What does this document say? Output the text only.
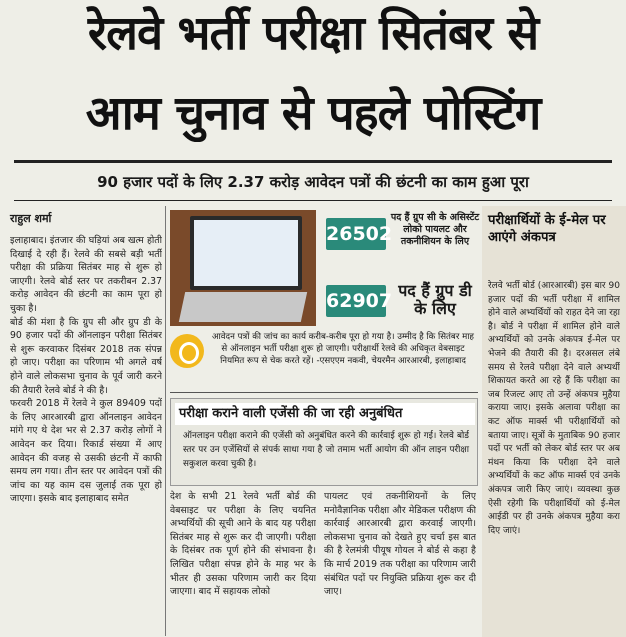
रेलवे भर्ती परीक्षा सितंबर से
आम चुनाव से पहले पोस्टिंग
90 हजार पदों के लिए 2.37 करोड़ आवेदन पत्रों की छंटनी का काम हुआ पूरा
राहुल शर्मा

इलाहाबाद। इंतजार की घड़ियां अब खत्म होती दिखाई दे रही हैं। रेलवे की सबसे बड़ी भर्ती परीक्षा की प्रक्रिया सितंबर माह से शुरू हो जाएगी। रेलवे बोर्ड स्तर पर तकरीबन 2.37 करोड़ आवेदन की छंटनी का काम पूरा हो चुका है।

बोर्ड की मंशा है कि ग्रुप सी और ग्रुप डी के 90 हजार पदों की ऑनलाइन परीक्षा सितंबर से शुरू करवाकर दिसंबर 2018 तक संपन्न हो जाए। परीक्षा का परिणाम भी अगले वर्ष होने वाले लोकसभा चुनाव के पूर्व जारी करने की तैयारी रेलवे बोर्ड ने की है।

फरवरी 2018 में रेलवे ने कुल 89409 पदों के लिए आरआरबी द्वारा ऑनलाइन आवेदन मांगे गए थे देश भर से 2.37 करोड़ लोगों ने आवेदन कर दिया। रिकार्ड संख्या में आए आवेदन की वजह से उसकी छंटनी में काफी समय लग गया। तीन स्तर पर आवेदन पत्रों की जांच का यह काम दस जुलाई तक पूरा हो जाएगा। इसके बाद इलाहाबाद समेत

26502
पद हैं ग्रुप सी के असिस्टेंट लोको पायलट और तकनीशियन के लिए
62907 पद हैं ग्रुप डी के लिए
आवेदन पत्रों की जांच का कार्य करीब-करीब पूरा हो गया है। उम्मीद है कि सितंबर माह से ऑनलाइन भर्ती परीक्षा शुरू हो जाएगी। परीक्षार्थी रेलवे की अधिकृत वेबसाइट नियमित रूप से चेक करते रहें। -एसएएम नकवी, चेयरमैन आरआरबी, इलाहाबाद
परीक्षा कराने वाली एजेंसी की जा रही अनुबंधित
ऑनलाइन परीक्षा कराने की एजेंसी को अनुबंधित करने की कार्रवाई शुरू हो गई। रेलवे बोर्ड स्तर पर उन एजेंसियों से संपर्क साधा गया है जो तमाम भर्ती आयोग की ऑन लाइन परीक्षा सकुशल करवा चुकी है।
देश के सभी 21 रेलवे भर्ती बोर्ड की वेबसाइट पर परीक्षा के लिए चयनित अभ्यर्थियों की सूची आने के बाद यह परीक्षा सितंबर माह से शुरू कर दी जाएगी। परीक्षा के दिसंबर तक पूर्ण होने की संभावना है। लिखित परीक्षा संपन्न होने के माह भर के भीतर ही उसका परिणाम जारी कर दिया जाएगा। बाद में सहायक लोको
पायलट एवं तकनीशियनों के लिए मनोवैज्ञानिक परीक्षा और मेडिकल परीक्षण की कार्रवाई आरआरबी द्वारा करवाई जाएगी। लोकसभा चुनाव को देखते हुए चर्चा इस बात की है रेलमंत्री पीयूष गोयल ने बोर्ड से कहा है कि मार्च 2019 तक परीक्षा का परिणाम जारी संबंधित पदों पर नियुक्ति प्रक्रिया शुरू कर दी जाए।
परीक्षार्थियों के ई-मेल पर आएंगे अंकपत्र
रेलवे भर्ती बोर्ड (आरआरबी) इस बार 90 हजार पदों की भर्ती परीक्षा में शामिल होने वाले अभ्यर्थियों को राहत देने जा रहा है। बोर्ड ने परीक्षा में शामिल होने वाले अभ्यर्थियों को उनके अंकपत्र ई-मेल पर भेजने की तैयारी की है। दरअसल लंबे समय से रेलवे परीक्षा देने वाले अभ्यर्थी शिकायत करते आ रहे हैं कि परीक्षा का जब रिजल्ट आए तो उन्हें अंकपत्र मुहैया कराया जाए। इसके अलावा परीक्षा का कट ऑफ मार्क्स भी परीक्षार्थियों को बताया जाए। सूत्रों के मुताबिक 90 हजार पदों पर भर्ती को लेकर बोर्ड स्तर पर अब मंथन किया कि परीक्षा देने वाले अभ्यर्थियों के कट ऑफ मार्क्स एवं उनके अंकपत्र जारी किए जाएं। व्यवस्था कुछ ऐसी रहेगी कि परीक्षार्थियों को ई-मेल आईडी पर ही उनके अंकपत्र मुहैया करा दिए जाएं।
